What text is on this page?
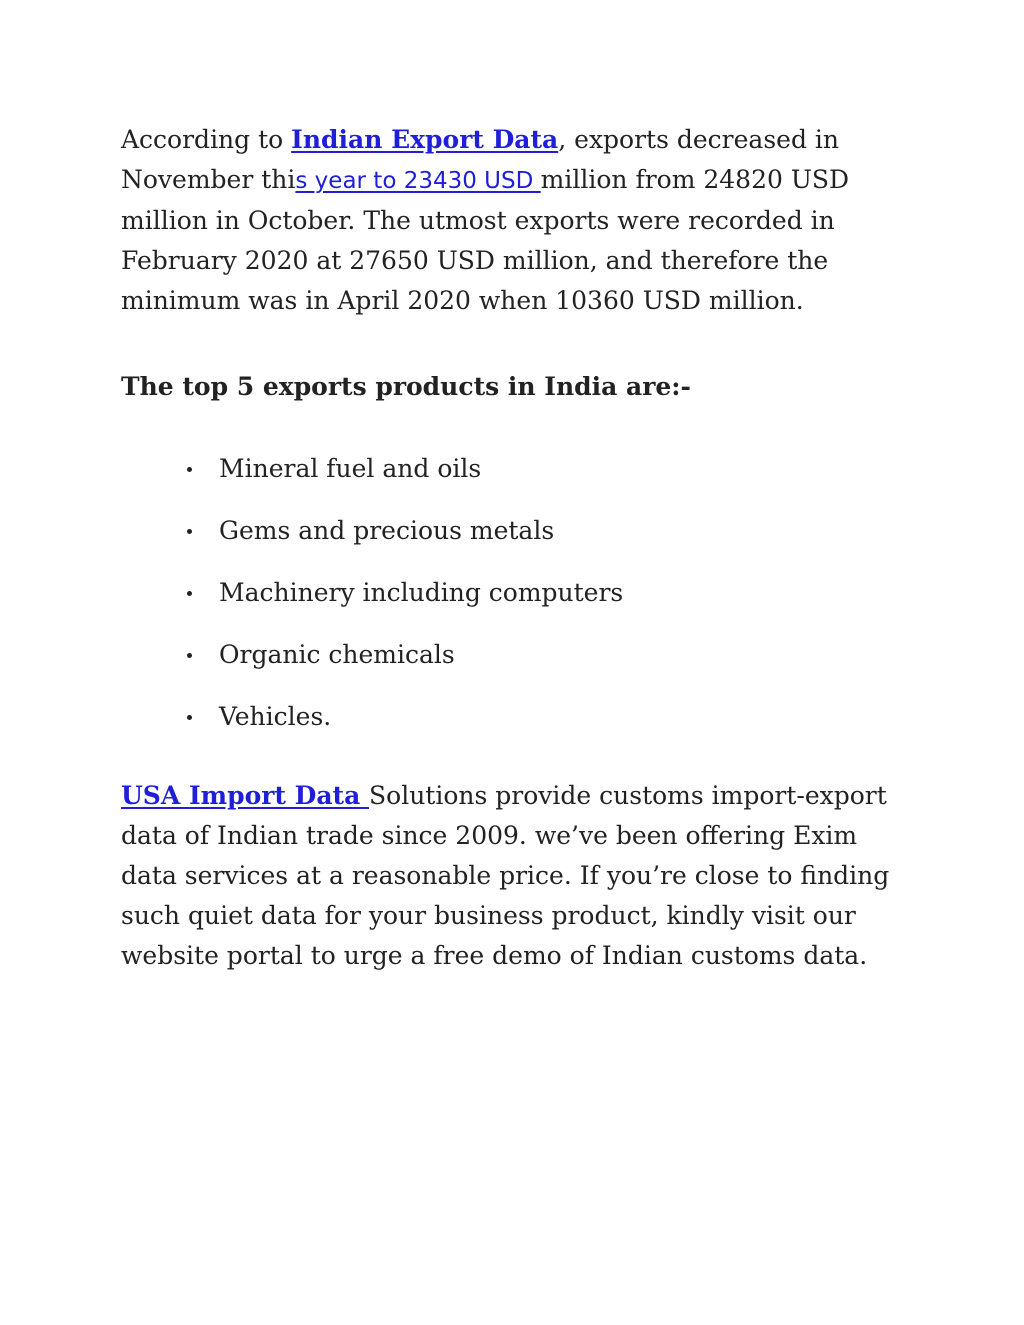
According to Indian Export Data, exports decreased in November this year to 23430 USD million from 24820 USD million in October. The utmost exports were recorded in February 2020 at 27650 USD million, and therefore the minimum was in April 2020 when 10360 USD million.

The top 5 exports products in India are:-

Mineral fuel and oils
Gems and precious metals
Machinery including computers
Organic chemicals
Vehicles.

USA Import Data Solutions provide customs import-export data of Indian trade since 2009. we’ve been offering Exim data services at a reasonable price. If you’re close to finding such quiet data for your business product, kindly visit our website portal to urge a free demo of Indian customs data.
